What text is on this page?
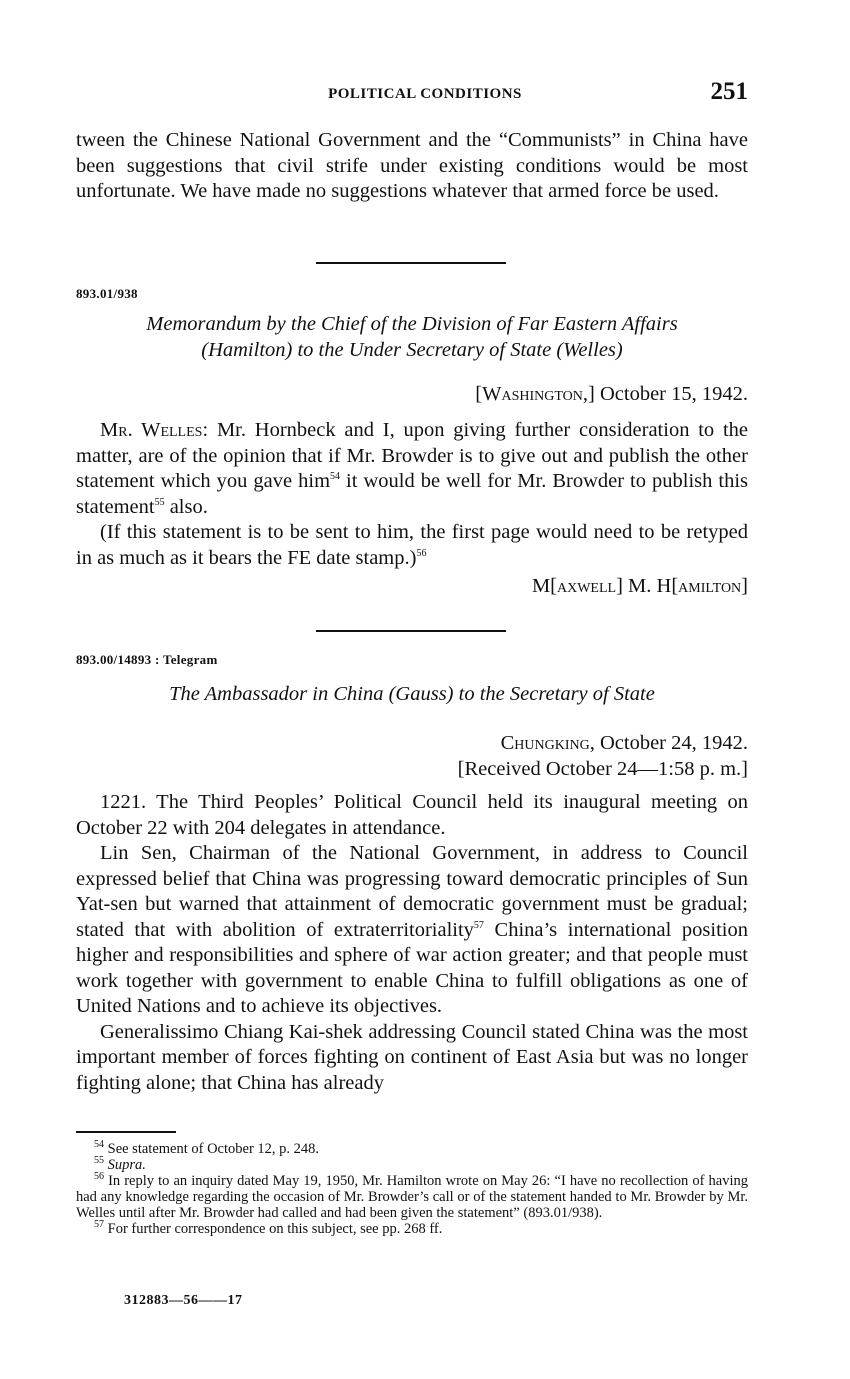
POLITICAL CONDITIONS	251

tween the Chinese National Government and the “Communists” in China have been suggestions that civil strife under existing conditions would be most unfortunate. We have made no suggestions whatever that armed force be used.

893.01/938
Memorandum by the Chief of the Division of Far Eastern Affairs
(Hamilton) to the Under Secretary of State (Welles)
[Washington,] October 15, 1942.

Mr. Welles: Mr. Hornbeck and I, upon giving further consideration to the matter, are of the opinion that if Mr. Browder is to give out and publish the other statement which you gave him$^{54}$ it would be well for Mr. Browder to publish this statement$^{55}$ also.

(If this statement is to be sent to him, the first page would need to be retyped in as much as it bears the FE date stamp.)$^{56}$

M[axwell] M. H[amilton]
893.00/14893 : Telegram
The Ambassador in China (Gauss) to the Secretary of State
Chungking, October 24, 1942.
[Received October 24—1:58 p. m.]

1221. The Third Peoples’ Political Council held its inaugural meeting on October 22 with 204 delegates in attendance.

Lin Sen, Chairman of the National Government, in address to Council expressed belief that China was progressing toward democratic principles of Sun Yat-sen but warned that attainment of democratic government must be gradual; stated that with abolition of extraterritoriality$^{57}$ China’s international position higher and responsibilities and sphere of war action greater; and that people must work together with government to enable China to fulfill obligations as one of United Nations and to achieve its objectives.

Generalissimo Chiang Kai-shek addressing Council stated China was the most important member of forces fighting on continent of East Asia but was no longer fighting alone; that China has already

$^{54}$ See statement of October 12, p. 248.

$^{55}$ Supra.

$^{56}$ In reply to an inquiry dated May 19, 1950, Mr. Hamilton wrote on May 26: “I have no recollection of having had any knowledge regarding the occasion of Mr. Browder’s call or of the statement handed to Mr. Browder by Mr. Welles until after Mr. Browder had called and had been given the statement” (893.01/938).

$^{57}$ For further correspondence on this subject, see pp. 268 ff.

312883—56——17
